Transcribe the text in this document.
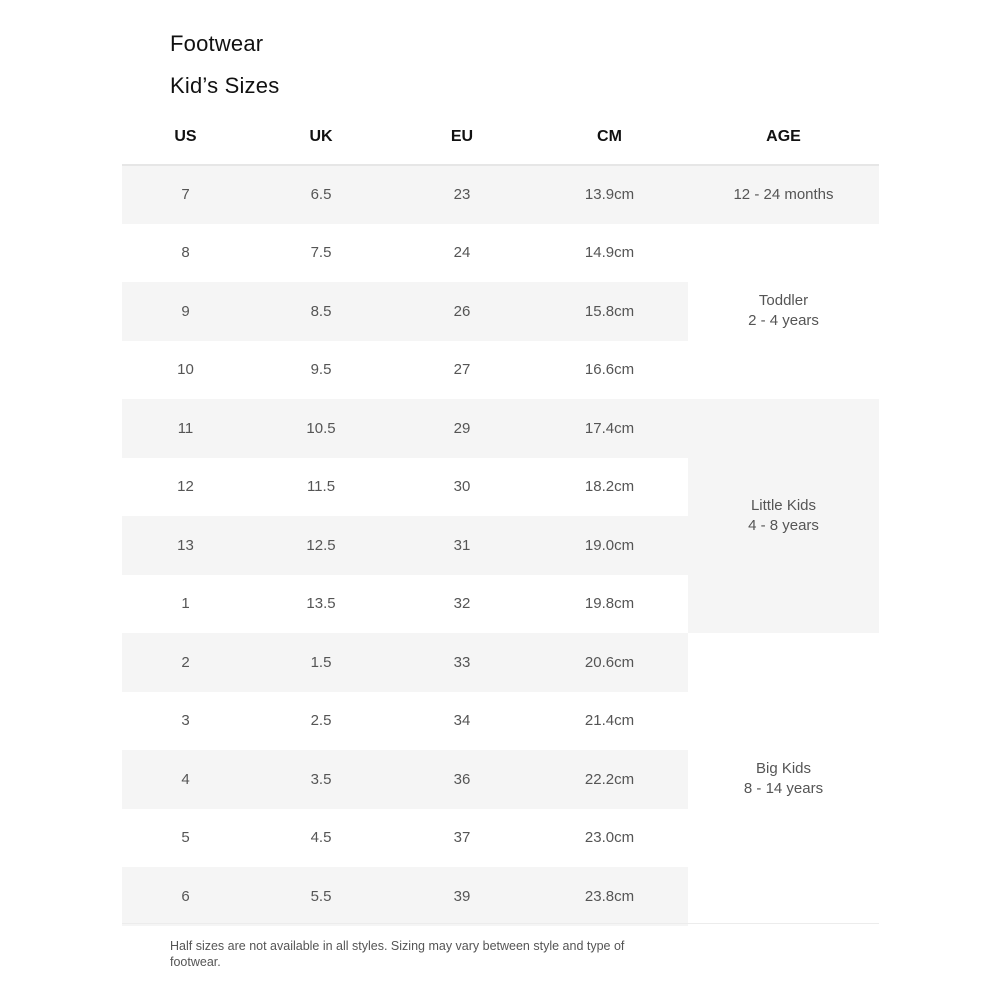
Footwear
Kid’s Sizes
US	UK	EU	CM	AGE
7	6.5	23	13.9cm	12 - 24 months

8	7.5	24	14.9cm	Toddler
2 - 4 years

9	8.5	26	15.8cm	
10	9.5	27	16.6cm	
11	10.5	29	17.4cm	Little Kids
4 - 8 years

12	11.5	30	18.2cm	
13	12.5	31	19.0cm	
1	13.5	32	19.8cm	
2	1.5	33	20.6cm	Big Kids
8 - 14 years

3	2.5	34	21.4cm	
4	3.5	36	22.2cm	
5	4.5	37	23.0cm	
6	5.5	39	23.8cm	

Half sizes are not available in all styles. Sizing may vary between style and type of footwear.
